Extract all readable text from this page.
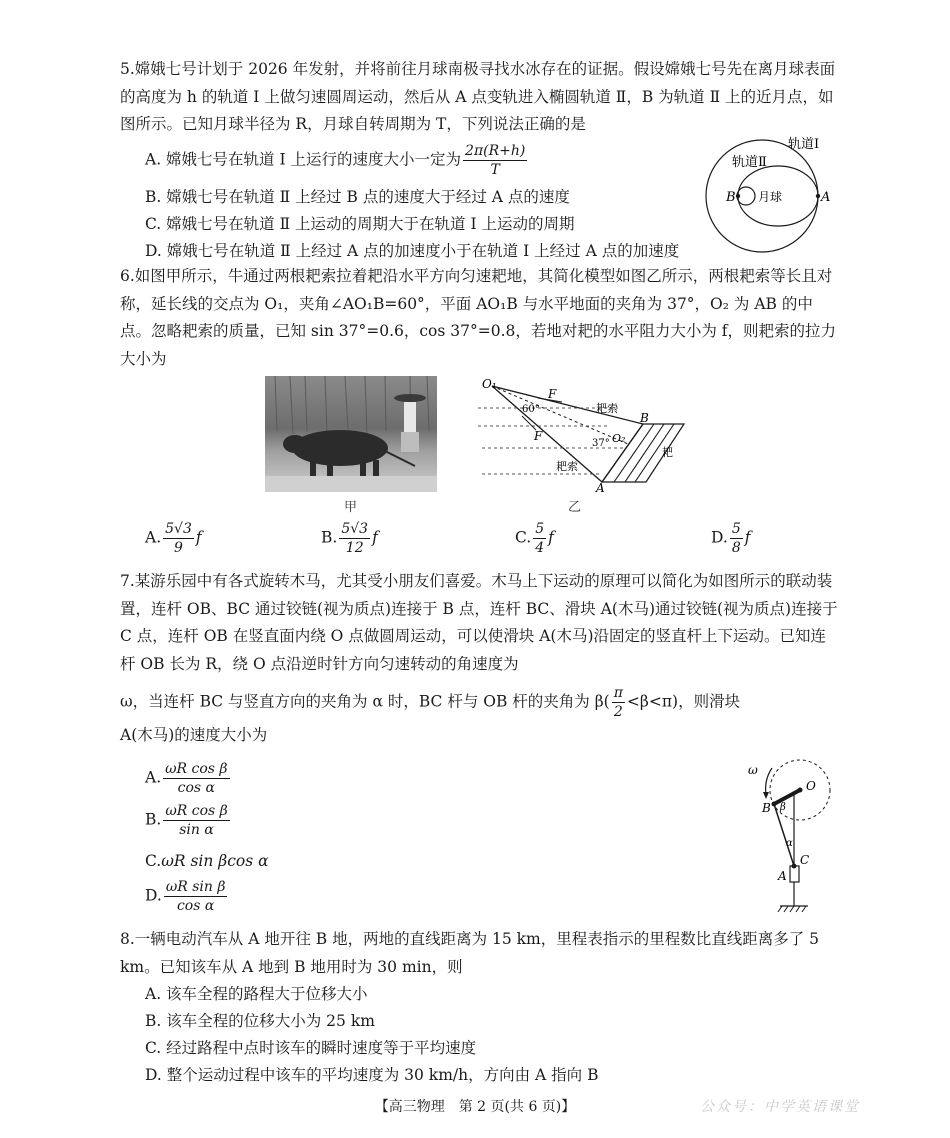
5.嫦娥七号计划于 2026 年发射，并将前往月球南极寻找水冰存在的证据。假设嫦娥七号先在离月球表面的高度为 h 的轨道 Ⅰ 上做匀速圆周运动，然后从 A 点变轨进入椭圆轨道 Ⅱ，B 为轨道 Ⅱ 上的近月点，如图所示。已知月球半径为 R，月球自转周期为 T，下列说法正确的是

A. 嫦娥七号在轨道 Ⅰ 上运行的速度大小一定为 $\frac{2\pi(R+h)}{T}$
B. 嫦娥七号在轨道 Ⅱ 上经过 B 点的速度大于经过 A 点的速度
C. 嫦娥七号在轨道 Ⅱ 上运动的周期大于在轨道 Ⅰ 上运动的周期
D. 嫦娥七号在轨道 Ⅱ 上经过 A 点的加速度小于在轨道 Ⅰ 上经过 A 点的加速度
轨道Ⅰ
轨道Ⅱ
月球
B	A

6.如图甲所示，牛通过两根耙索拉着耙沿水平方向匀速耙地，其简化模型如图乙所示，两根耙索等长且对称，延长线的交点为 O₁，夹角∠AO₁B=60°，平面 AO₁B 与水平地面的夹角为 37°，O₂ 为 AB 的中点。忽略耙索的质量，已知 sin 37°=0.6，cos 37°=0.8，若地对耙的水平阻力大小为 f，则耙索的拉力大小为

甲
O₁
F
F
60°
37° O₂
耙索
耙索
耙
B
A
乙
A. $\frac{5√3}{9}$ f	B. $\frac{5√3}{12}$ f	C. $\frac{5}{4}$ f	D. $\frac{5}{8}$ f

7.某游乐园中有各式旋转木马，尤其受小朋友们喜爱。木马上下运动的原理可以简化为如图所示的联动装置，连杆 OB、BC 通过铰链(视为质点)连接于 B 点，连杆 BC、滑块 A(木马)通过铰链(视为质点)连接于 C 点，连杆 OB 在竖直面内绕 O 点做圆周运动，可以使滑块 A(木马)沿固定的竖直杆上下运动。已知连杆 OB 长为 R，绕 O 点沿逆时针方向匀速转动的角速度为

ω，当连杆 BC 与竖直方向的夹角为 α 时，BC 杆与 OB 杆的夹角为 $\beta( \frac{\pi}{2} <\beta<\pi)$，则滑块

A(木马)的速度大小为

A. $\frac{\text{ωR cos β}}{\text{cos α}}$
B. $\frac{\text{ωR cos β}}{\text{sin α}}$
C.ωR sin βcos α
D. $\frac{\text{ωR sin β}}{\text{cos α}}$
ω
O
B β
α
C
A

8.一辆电动汽车从 A 地开往 B 地，两地的直线距离为 15 km，里程表指示的里程数比直线距离多了 5 km。已知该车从 A 地到 B 地用时为 30 min，则

A. 该车全程的路程大于位移大小
B. 该车全程的位移大小为 25 km
C. 经过路程中点时该车的瞬时速度等于平均速度
D. 整个运动过程中该车的平均速度为 30 km/h，方向由 A 指向 B
【高三物理　第 2 页(共 6 页)】	公众号：中学英语课堂
